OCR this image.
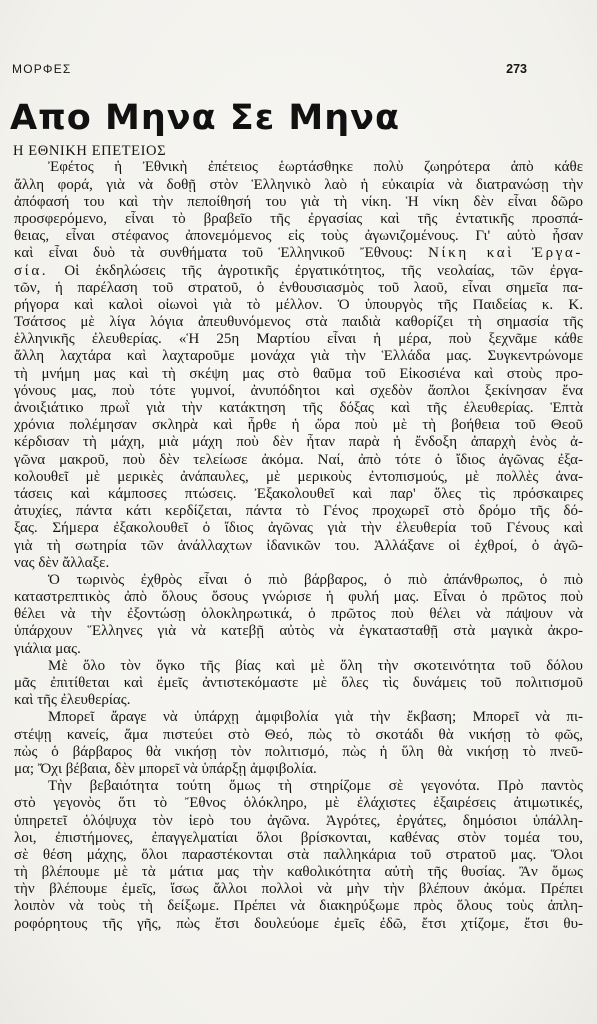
ΜΟΡΦΕΣ	273
Απο Μηνα Σε Μηνα
Η ΕΘΝΙΚΗ ΕΠΕΤΕΙΟΣ
Ἐφέτος ἡ Ἐθνικὴ ἐπέτειος ἑωρτάσθηκε πολὺ ζωηρότερα ἀπὸ κάθε
ἄλλη φορά, γιὰ νὰ δοθῇ στὸν Ἑλληνικὸ λαὸ ἡ εὐκαιρία νὰ διατρανώσῃ τὴν
ἀπόφασή του καὶ τὴν πεποίθησή του γιὰ τὴ νίκη. Ἡ νίκη δὲν εἶναι δῶρο
προσφερόμενο, εἶναι τὸ βραβεῖο τῆς ἐργασίας καὶ τῆς ἐντατικῆς προσπά-
θειας, εἶναι στέφανος ἀπονεμόμενος εἰς τοὺς ἀγωνιζομένους. Γι' αὐτὸ ἦσαν
καὶ εἶναι δυὸ τὰ συνθήματα τοῦ Ἑλληνικοῦ Ἔθνους: Νίκη καὶ Ἐργα-
σία. Οἱ ἐκδηλώσεις τῆς ἀγροτικῆς ἐργατικότητος, τῆς νεολαίας, τῶν ἐργα-
τῶν, ἡ παρέλαση τοῦ στρατοῦ, ὁ ἐνθουσιασμὸς τοῦ λαοῦ, εἶναι σημεῖα πα-
ρήγορα καὶ καλοὶ οἰωνοὶ γιὰ τὸ μέλλον. Ὁ ὑπουργὸς τῆς Παιδείας κ. Κ.
Τσάτσος μὲ λίγα λόγια ἀπευθυνόμενος στὰ παιδιὰ καθορίζει τὴ σημασία τῆς
ἑλληνικῆς ἐλευθερίας. «Ἡ 25η Μαρτίου εἶναι ἡ μέρα, ποὺ ξεχνᾶμε κάθε
ἄλλη λαχτάρα καὶ λαχταροῦμε μονάχα γιὰ τὴν Ἑλλάδα μας. Συγκεντρώνομε
τὴ μνήμη μας καὶ τὴ σκέψη μας στὸ θαῦμα τοῦ Εἰκοσιένα καὶ στοὺς προ-
γόνους μας, ποὺ τότε γυμνοί, ἀνυπόδητοι καὶ σχεδὸν ἄοπλοι ξεκίνησαν ἕνα
ἀνοιξιάτικο πρωῒ γιὰ τὴν κατάκτηση τῆς δόξας καὶ τῆς ἐλευθερίας. Ἑπτὰ
χρόνια πολέμησαν σκληρὰ καὶ ἦρθε ἡ ὥρα ποὺ μὲ τὴ βοήθεια τοῦ Θεοῦ
κέρδισαν τὴ μάχη, μιὰ μάχη ποὺ δὲν ἦταν παρὰ ἡ ἔνδοξη ἀπαρχὴ ἑνὸς ἀ-
γῶνα μακροῦ, ποὺ δὲν τελείωσε ἀκόμα. Ναί, ἀπὸ τότε ὁ ἴδιος ἀγῶνας ἐξα-
κολουθεῖ μὲ μερικὲς ἀνάπαυλες, μὲ μερικοὺς ἐντοπισμούς, μὲ πολλὲς ἀνα-
τάσεις καὶ κάμποσες πτώσεις. Ἐξακολουθεῖ καὶ παρ' ὅλες τὶς πρόσκαιρες
ἀτυχίες, πάντα κάτι κερδίζεται, πάντα τὸ Γένος προχωρεῖ στὸ δρόμο τῆς δό-
ξας. Σήμερα ἐξακολουθεῖ ὁ ἴδιος ἀγῶνας γιὰ τὴν ἐλευθερία τοῦ Γένους καὶ
γιὰ τὴ σωτηρία τῶν ἀνάλλαχτων ἰδανικῶν του. Ἀλλάξανε οἱ ἐχθροί, ὁ ἀγῶ-
νας δὲν ἄλλαξε.
Ὁ τωρινὸς ἐχθρὸς εἶναι ὁ πιὸ βάρβαρος, ὁ πιὸ ἀπάνθρωπος, ὁ πιὸ
καταστρεπτικὸς ἀπὸ ὅλους ὅσους γνώρισε ἡ φυλή μας. Εἶναι ὁ πρῶτος ποὺ
θέλει νὰ τὴν ἐξοντώσῃ ὁλοκληρωτικά, ὁ πρῶτος ποὺ θέλει νὰ πάψουν νὰ
ὑπάρχουν Ἕλληνες γιὰ νὰ κατεβῇ αὐτὸς νὰ ἐγκατασταθῇ στὰ μαγικὰ ἀκρο-
γιάλια μας.
Μὲ ὅλο τὸν ὄγκο τῆς βίας καὶ μὲ ὅλη τὴν σκοτεινότητα τοῦ δόλου
μᾶς ἐπιτίθεται καὶ ἐμεῖς ἀντιστεκόμαστε μὲ ὅλες τὶς δυνάμεις τοῦ πολιτισμοῦ
καὶ τῆς ἐλευθερίας.
Μπορεῖ ἄραγε νὰ ὑπάρχῃ ἀμφιβολία γιὰ τὴν ἔκβαση; Μπορεῖ νὰ πι-
στέψῃ κανείς, ἅμα πιστεύει στὸ Θεό, πὼς τὸ σκοτάδι θὰ νικήσῃ τὸ φῶς,
πὼς ὁ βάρβαρος θὰ νικήσῃ τὸν πολιτισμό, πὼς ἡ ὕλη θὰ νικήσῃ τὸ πνεῦ-
μα; Ὄχι βέβαια, δὲν μπορεῖ νὰ ὑπάρξῃ ἀμφιβολία.
Τὴν βεβαιότητα τούτη ὅμως τὴ στηρίζομε σὲ γεγονότα. Πρὸ παντὸς
στὸ γεγονὸς ὅτι τὸ Ἔθνος ὁλόκληρο, μὲ ἐλάχιστες ἐξαιρέσεις ἀτιμωτικές,
ὑπηρετεῖ ὁλόψυχα τὸν ἱερὸ του ἀγῶνα. Ἀγρότες, ἐργάτες, δημόσιοι ὑπάλλη-
λοι, ἐπιστήμονες, ἐπαγγελματίαι ὅλοι βρίσκονται, καθένας στὸν τομέα του,
σὲ θέση μάχης, ὅλοι παραστέκονται στὰ παλληκάρια τοῦ στρατοῦ μας. Ὅλοι
τὴ βλέπουμε μὲ τὰ μάτια μας τὴν καθολικότητα αὐτὴ τῆς θυσίας. Ἂν ὅμως
τὴν βλέπουμε ἐμεῖς, ἴσως ἄλλοι πολλοὶ νὰ μὴν τὴν βλέπουν ἀκόμα. Πρέπει
λοιπὸν νὰ τοὺς τὴ δείξωμε. Πρέπει νὰ διακηρύξωμε πρὸς ὅλους τοὺς ἀπλη-
ροφόρητους τῆς γῆς, πὼς ἔτσι δουλεύομε ἐμεῖς ἐδῶ, ἔτσι χτίζομε, ἔτσι θυ-
